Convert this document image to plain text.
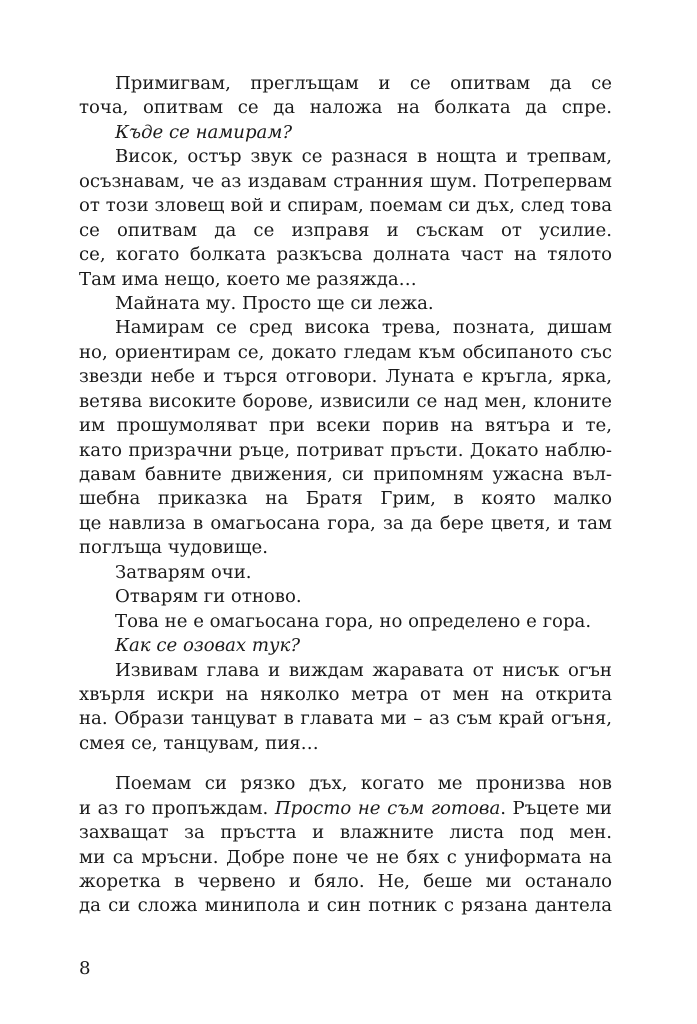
Примигвам, преглъщам и се опитвам да се
точа, опитвам се да наложа на болката да спре.
Къде се намирам?
Висок, остър звук се разнася в нощта и трепвам,
осъзнавам, че аз издавам странния шум. Потрепервам
от този зловещ вой и спирам, поемам си дъх, след това
се опитвам да се изправя и съскам от усилие.
се, когато болката разкъсва долната част на тялото
Там има нещо, което ме разяжда…
Майната му. Просто ще си лежа.
Намирам се сред висока трева, позната, дишам
но, ориентирам се, докато гледам към обсипаното със
звезди небе и търся отговори. Луната е кръгла, ярка,
ветява високите борове, извисили се над мен, клоните
им прошумоляват при всеки порив на вятъра и те,
като призрачни ръце, потриват пръсти. Докато наблю-
давам бавните движения, си припомням ужасна въл-
шебна приказка на Братя Грим, в която малко
це навлиза в омагьосана гора, за да бере цветя, и там
поглъща чудовище.
Затварям очи.
Отварям ги отново.
Това не е омагьосана гора, но определено е гора.
Как се озовах тук?
Извивам глава и виждам жаравата от нисък огън
хвърля искри на няколко метра от мен на открита
на. Образи танцуват в главата ми – аз съм край огъня,
смея се, танцувам, пия…
Поемам си рязко дъх, когато ме пронизва нов
и аз го пропъждам. Просто не съм готова. Ръцете ми
захващат за пръстта и влажните листа под мен.
ми са мръсни. Добре поне че не бях с униформата на
жоретка в червено и бяло. Не, беше ми останало
да си сложа минипола и син потник с рязана дантела
8
